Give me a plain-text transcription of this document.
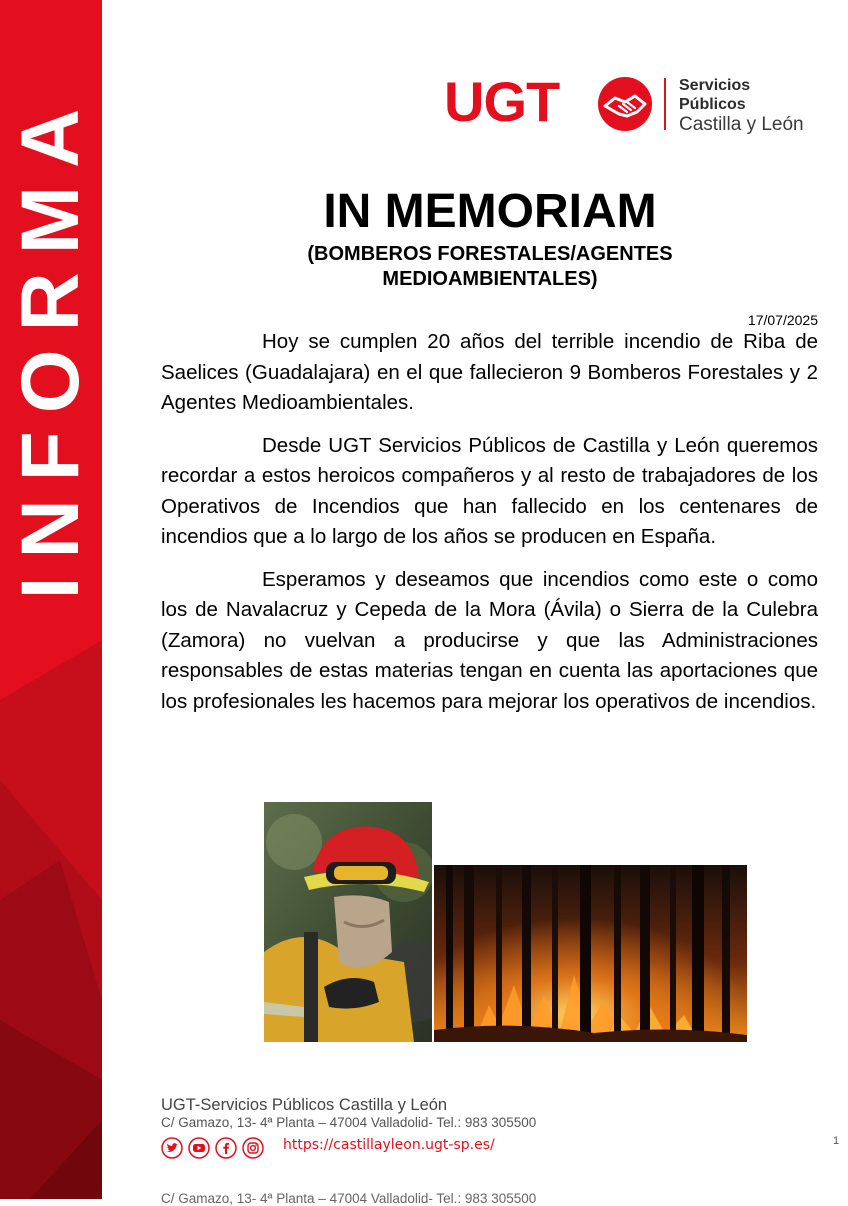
INFORMA	UGT	Servicios
Públicos
Castilla y León
IN MEMORIAM
(BOMBEROS FORESTALES/AGENTES
MEDIOAMBIENTALES)
17/07/2025

Hoy se cumplen 20 años del terrible incendio de Riba de Saelices (Guadalajara) en el que fallecieron 9 Bomberos Forestales y 2 Agentes Medioambientales.

Desde UGT Servicios Públicos de Castilla y León queremos recordar a estos heroicos compañeros y al resto de trabajadores de los Operativos de Incendios que han fallecido en los centenares de incendios que a lo largo de los años se producen en España.

Esperamos y deseamos que incendios como este o como los de Navalacruz y Cepeda de la Mora (Ávila) o Sierra de la Culebra (Zamora) no vuelvan a producirse y que las Administraciones responsables de estas materias tengan en cuenta las aportaciones que los profesionales les hacemos para mejorar los operativos de incendios.

UGT-Servicios Públicos Castilla y León
C/ Gamazo, 13- 4ª Planta – 47004 Valladolid- Tel.: 983 305500
https://castillayleon.ugt-sp.es/	1
C/ Gamazo, 13- 4ª Planta – 47004 Valladolid- Tel.: 983 305500
